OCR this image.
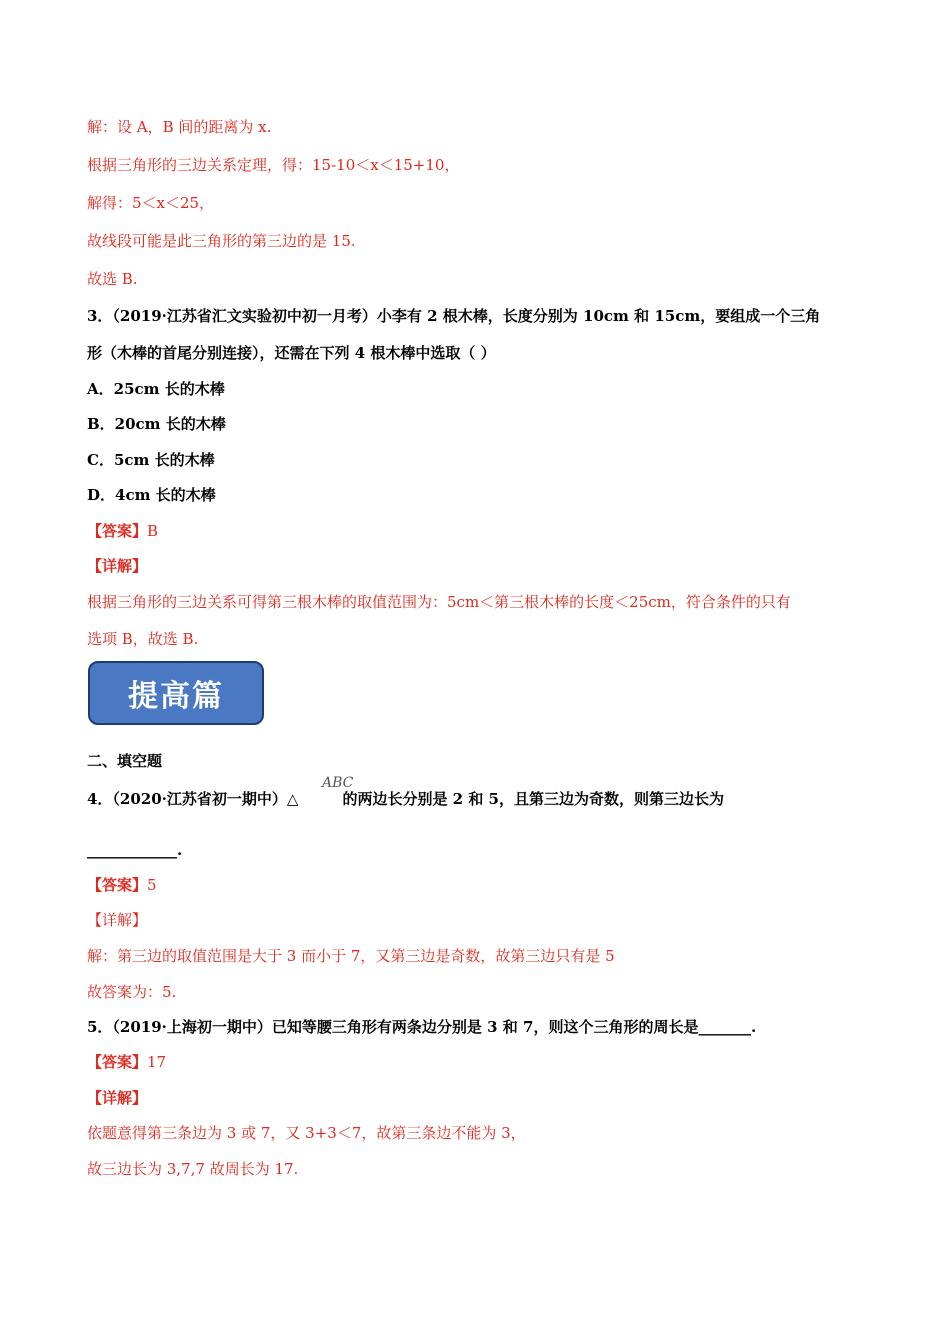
解：设 A，B 间的距离为 x.
根据三角形的三边关系定理，得：15-10＜x＜15+10，
解得：5＜x＜25，
故线段可能是此三角形的第三边的是 15.
故选 B.
3．（2019·江苏省汇文实验初中初一月考）小李有 2 根木棒，长度分别为 10cm 和 15cm，要组成一个三角
形（木棒的首尾分别连接），还需在下列 4 根木棒中选取（ ）
A．25cm 长的木棒
B．20cm 长的木棒
C．5cm 长的木棒
D．4cm 长的木棒
【答案】B
【详解】
根据三角形的三边关系可得第三根木棒的取值范围为：5cm＜第三根木棒的长度＜25cm，符合条件的只有
选项 B，故选 B.
提高篇
二、填空题
4．（2020·江苏省初一期中）△	的两边长分别是 2 和 5，且第三边为奇数，则第三边长为
ABC
____________.
【答案】5
【详解】
解：第三边的取值范围是大于 3 而小于 7，又第三边是奇数，故第三边只有是 5
故答案为：5.
5．（2019·上海初一期中）已知等腰三角形有两条边分别是 3 和 7，则这个三角形的周长是_______.
【答案】17
【详解】
依题意得第三条边为 3 或 7，又 3+3＜7，故第三条边不能为 3，
故三边长为 3,7,7 故周长为 17.
